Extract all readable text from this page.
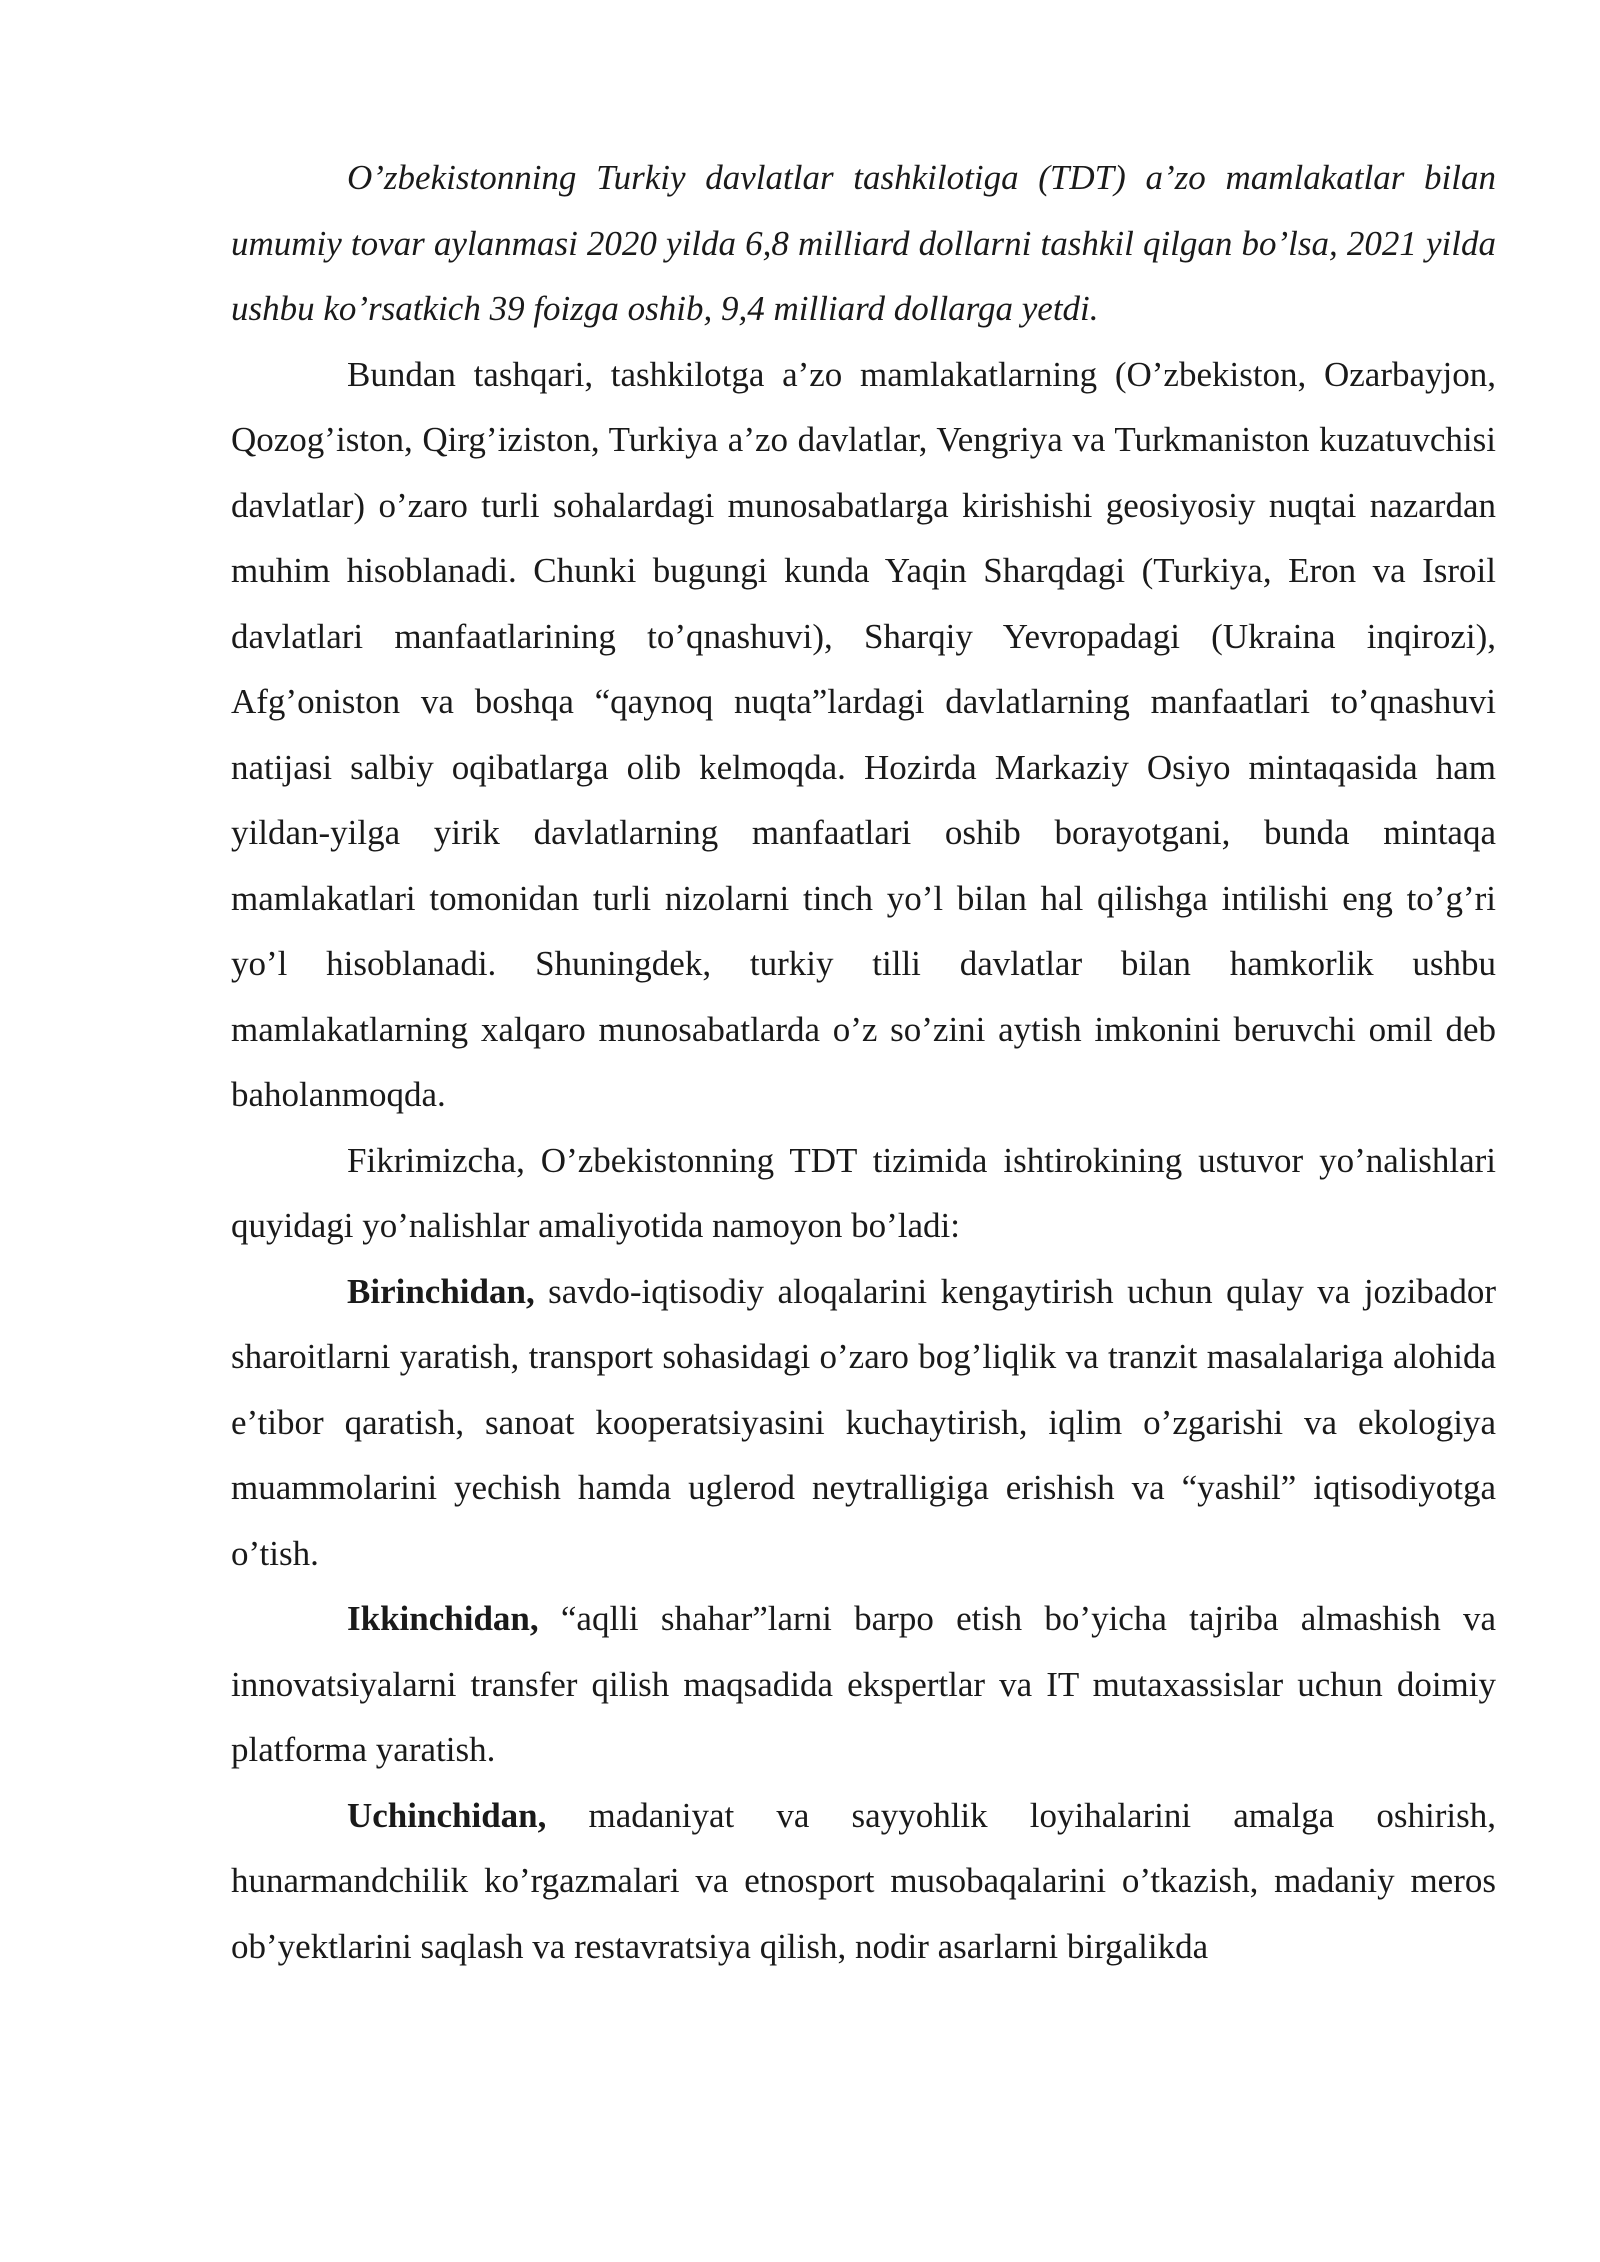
O’zbekistonning Turkiy davlatlar tashkilotiga (TDT) a’zo mamlakatlar bilan umumiy tovar aylanmasi 2020 yilda 6,8 milliard dollarni tashkil qilgan bo’lsa, 2021 yilda ushbu ko’rsatkich 39 foizga oshib, 9,4 milliard dollarga yetdi.

Bundan tashqari, tashkilotga a’zo mamlakatlarning (O’zbekiston, Ozarbayjon, Qozog’iston, Qirg’iziston, Turkiya a’zo davlatlar, Vengriya va Turkmaniston kuzatuvchisi davlatlar) o’zaro turli sohalardagi munosabatlarga kirishishi geosiyosiy nuqtai nazardan muhim hisoblanadi. Chunki bugungi kunda Yaqin Sharqdagi (Turkiya, Eron va Isroil davlatlari manfaatlarining to’qnashuvi), Sharqiy Yevropadagi (Ukraina inqirozi), Afg’oniston va boshqa “qaynoq nuqta”lardagi davlatlarning manfaatlari to’qnashuvi natijasi salbiy oqibatlarga olib kelmoqda. Hozirda Markaziy Osiyo mintaqasida ham yildan-yilga yirik davlatlarning manfaatlari oshib borayotgani, bunda mintaqa mamlakatlari tomonidan turli nizolarni tinch yo’l bilan hal qilishga intilishi eng to’g’ri yo’l hisoblanadi. Shuningdek, turkiy tilli davlatlar bilan hamkorlik ushbu mamlakatlarning xalqaro munosabatlarda o’z so’zini aytish imkonini beruvchi omil deb baholanmoqda.

Fikrimizcha, O’zbekistonning TDT tizimida ishtirokining ustuvor yo’nalishlari quyidagi yo’nalishlar amaliyotida namoyon bo’ladi:

Birinchidan, savdo-iqtisodiy aloqalarini kengaytirish uchun qulay va jozibador sharoitlarni yaratish, transport sohasidagi o’zaro bog’liqlik va tranzit masalalariga alohida e’tibor qaratish, sanoat kooperatsiyasini kuchaytirish, iqlim o’zgarishi va ekologiya muammolarini yechish hamda uglerod neytralligiga erishish va “yashil” iqtisodiyotga o’tish.

Ikkinchidan, “aqlli shahar”larni barpo etish bo’yicha tajriba almashish va innovatsiyalarni transfer qilish maqsadida ekspertlar va IT mutaxassislar uchun doimiy platforma yaratish.

Uchinchidan, madaniyat va sayyohlik loyihalarini amalga oshirish, hunarmandchilik ko’rgazmalari va etnosport musobaqalarini o’tkazish, madaniy meros ob’yektlarini saqlash va restavratsiya qilish, nodir asarlarni birgalikda
